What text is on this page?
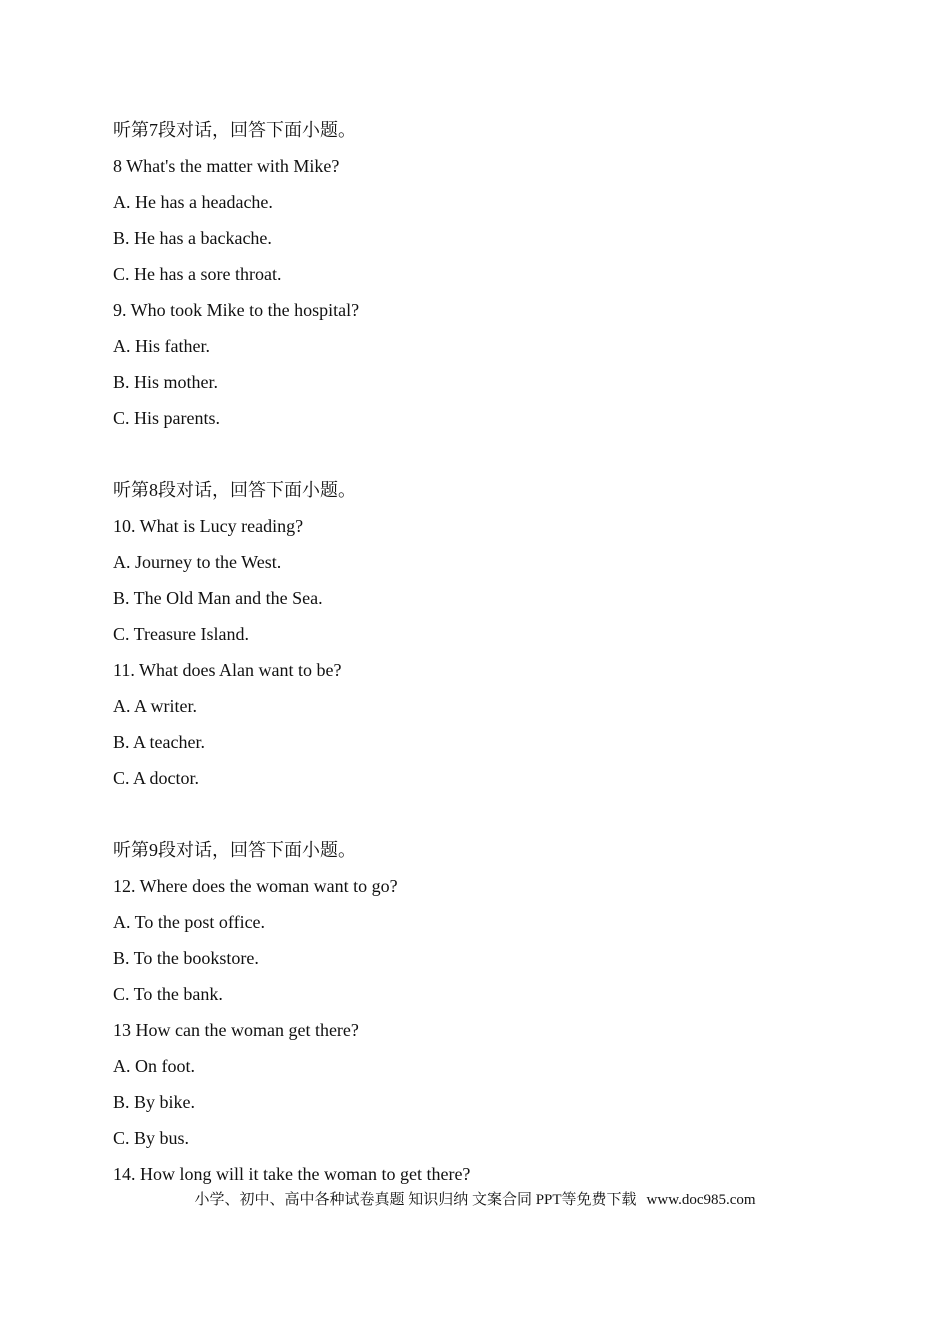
听第7段对话，回答下面小题。
8 What's the matter with Mike?
A. He has a headache.
B. He has a backache.
C. He has a sore throat.
9. Who took Mike to the hospital?
A. His father.
B. His mother.
C. His parents.
听第8段对话，回答下面小题。
10. What is Lucy reading?
A. Journey to the West.
B. The Old Man and the Sea.
C. Treasure Island.
11. What does Alan want to be?
A. A writer.
B. A teacher.
C. A doctor.
听第9段对话，回答下面小题。
12. Where does the woman want to go?
A. To the post office.
B. To the bookstore.
C. To the bank.
13 How can the woman get there?
A. On foot.
B. By bike.
C. By bus.
14. How long will it take the woman to get there?
小学、初中、高中各种试卷真题 知识归纳 文案合同 PPT等免费下载 www.doc985.com
